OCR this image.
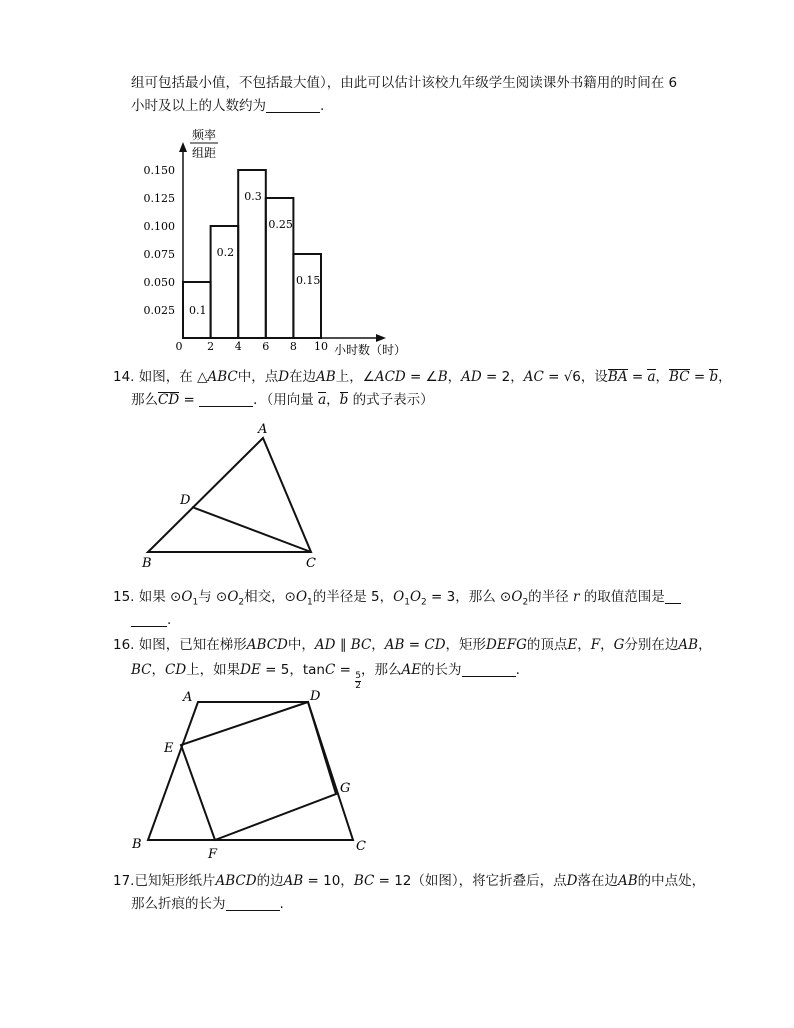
组可包括最小值，不包括最大值），由此可以估计该校九年级学生阅读课外书籍用的时间在 6
小时及以上的人数约为	.
0.1
0.2
0.3
0.25
0.15
0 2 4 6 8 10
0.025
0.050
0.075
0.100
0.125
0.150
频率
组距
小时数（时）
14. 如图，在 △ABC中，点D在边AB上，∠ACD = ∠B，AD = 2，AC = √6，设BA = a，BC = b，
那么CD =	．（用向量 a，b 的式子表示）
A
B	C
D
15. 如果 $⊙O_1$与 $⊙O_2$相交，$⊙O_1$的半径是 5，$O_1O_2 = 3$，那么 $⊙O_2$的半径 r 的取值范围是
.
16. 如图，已知在梯形ABCD中，AD ∥ BC，AB = CD，矩形DEFG的顶点E，F，G分别在边AB，
BC，CD上，如果DE = 5，tanC =
$\frac{5}{2}$
，那么AE的长为	.
A	D
E
G
B
F
C
17.已知矩形纸片ABCD的边AB = 10，BC = 12（如图），将它折叠后，点D落在边AB的中点处，
那么折痕的长为	.
